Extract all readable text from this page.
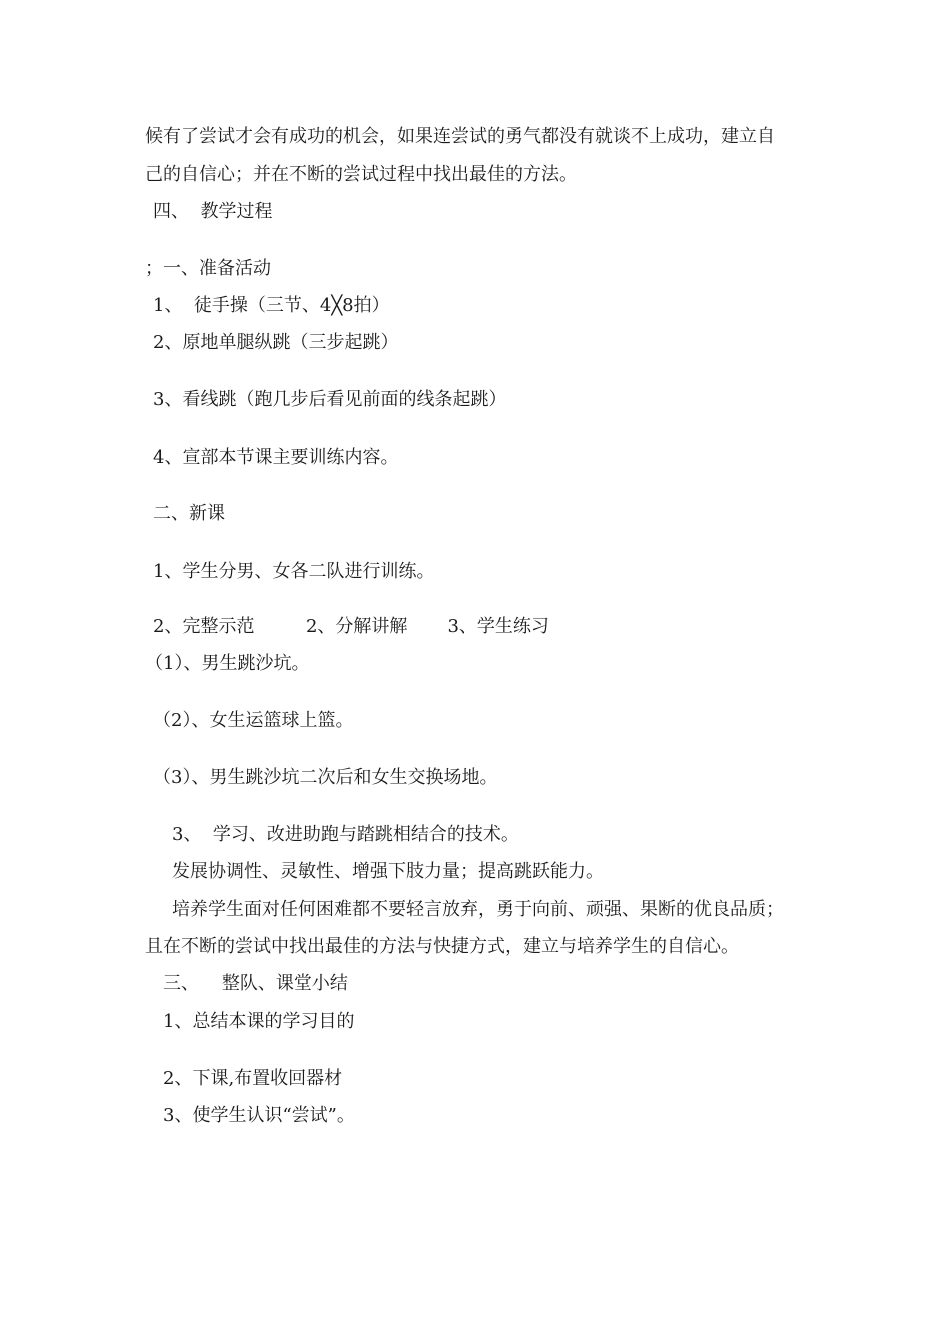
候有了尝试才会有成功的机会，如果连尝试的勇气都没有就谈不上成功，建立自
己的自信心；并在不断的尝试过程中找出最佳的方法。
四、  教学过程
；一、准备活动
1、  徒手操（三节、4╳8拍）
2、原地单腿纵跳（三步起跳）
3、看线跳（跑几步后看见前面的线条起跳）
4、宣部本节课主要训练内容。
二、新课
1、学生分男、女各二队进行训练。
2、完整示范         2、分解讲解       3、学生练习
（1）、男生跳沙坑。
（2）、女生运篮球上篮。
（3）、男生跳沙坑二次后和女生交换场地。
3、  学习、改进助跑与踏跳相结合的技术。
发展协调性、灵敏性、增强下肢力量；提高跳跃能力。
培养学生面对任何困难都不要轻言放弃，勇于向前、顽强、果断的优良品质；
且在不断的尝试中找出最佳的方法与快捷方式，建立与培养学生的自信心。
三、    整队、课堂小结
1、总结本课的学习目的
2、下课,布置收回器材
3、使学生认识“尝试”。
